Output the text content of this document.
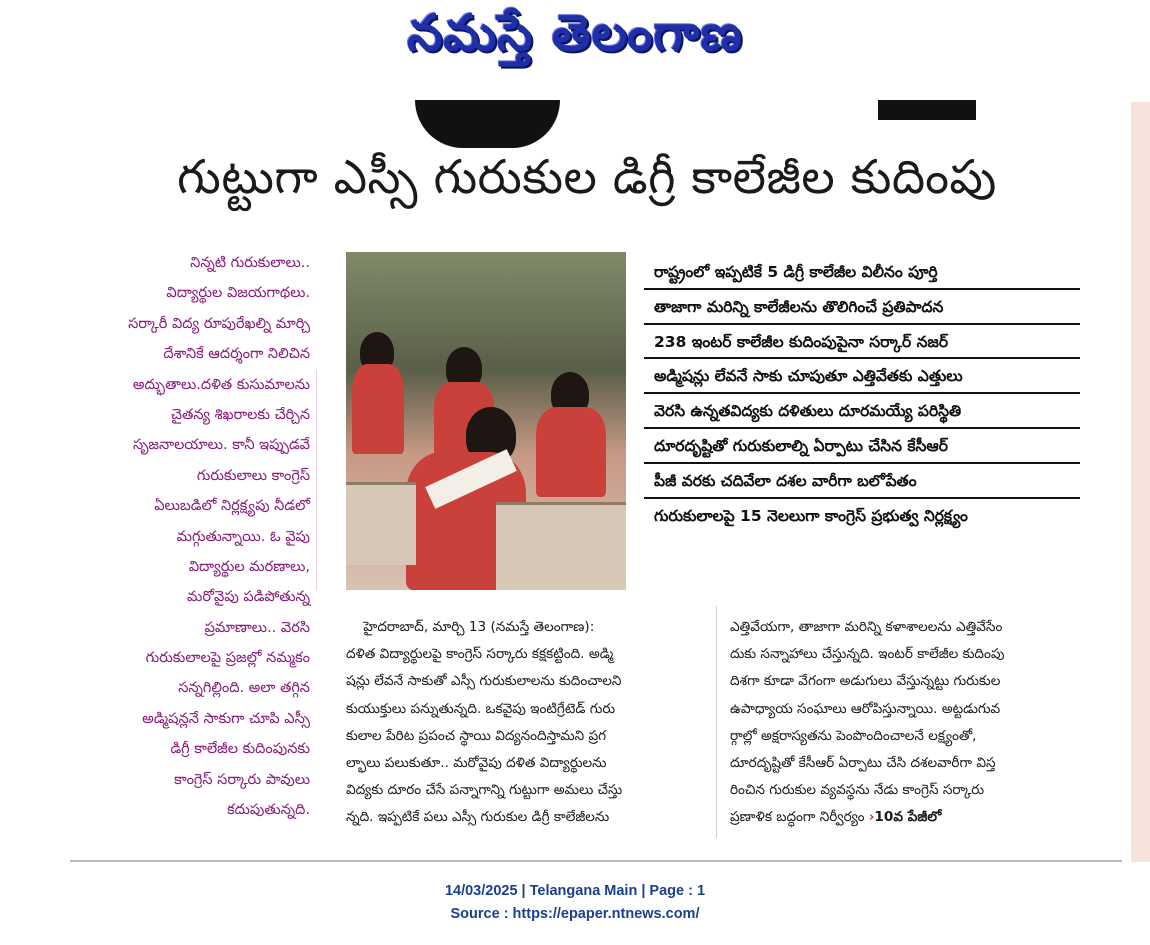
నమస్తే తెలంగాణ
గుట్టుగా ఎస్సీ గురుకుల డిగ్రీ కాలేజీల కుదింపు
నిన్నటి గురుకులాలు..
విద్యార్థుల విజయగాథలు.
సర్కారీ విద్య రూపురేఖల్ని మార్చి
దేశానికే ఆదర్శంగా నిలిచిన
అద్భుతాలు.దళిత కుసుమాలను
చైతన్య శిఖరాలకు చేర్చిన
సృజనాలయాలు. కానీ ఇప్పుడవే
గురుకులాలు కాంగ్రెస్
ఏలుబడిలో నిర్లక్ష్యపు నీడలో
మగ్గుతున్నాయి. ఓ వైపు
విద్యార్థుల మరణాలు,
మరోవైపు పడిపోతున్న
ప్రమాణాలు.. వెరసి
గురుకులాలపై ప్రజల్లో నమ్మకం
సన్నగిల్లింది. అలా తగ్గిన
అడ్మిషన్లనే సాకుగా చూపి ఎస్సీ
డిగ్రీ కాలేజీల కుదింపునకు
కాంగ్రెస్ సర్కారు పావులు
కదుపుతున్నది.
రాష్ట్రంలో ఇప్పటికే 5 డిగ్రీ కాలేజీల విలీనం పూర్తి
తాజాగా మరిన్ని కాలేజీలను తొలిగించే ప్రతిపాదన
238 ఇంటర్ కాలేజీల కుదింపుపైనా సర్కార్ నజర్
అడ్మిషన్లు లేవనే సాకు చూపుతూ ఎత్తివేతకు ఎత్తులు
వెరసి ఉన్నతవిద్యకు దళితులు దూరమయ్యే పరిస్థితి
దూరదృష్టితో గురుకులాల్ని ఏర్పాటు చేసిన కేసీఆర్
పీజీ వరకు చదివేలా దశల వారీగా బలోపేతం
గురుకులాలపై 15 నెలలుగా కాంగ్రెస్ ప్రభుత్వ నిర్లక్ష్యం
హైదరాబాద్, మార్చి 13 (నమస్తే తెలంగాణ):
దళిత విద్యార్థులపై కాంగ్రెస్ సర్కారు కక్షకట్టింది. అడ్మి
షన్లు లేవనే సాకుతో ఎస్సీ గురుకులాలను కుదించాలని
కుయుక్తులు పన్నుతున్నది. ఒకవైపు ఇంటిగ్రేటెడ్ గురు
కులాల పేరిట ప్రపంచ స్థాయి విద్యనందిస్తామని ప్రగ
ల్భాలు పలుకుతూ.. మరోవైపు దళిత విద్యార్థులను
విద్యకు దూరం చేసే పన్నాగాన్ని గుట్టుగా అమలు చేస్తు
న్నది. ఇప్పటికే పలు ఎస్సీ గురుకుల డిగ్రీ కాలేజీలను
ఎత్తివేయగా, తాజాగా మరిన్ని కళాశాలలను ఎత్తివేసేం
దుకు సన్నాహాలు చేస్తున్నది. ఇంటర్ కాలేజీల కుదింపు
దిశగా కూడా వేగంగా అడుగులు వేస్తున్నట్టు గురుకుల
ఉపాధ్యాయ సంఘాలు ఆరోపిస్తున్నాయి. అట్టడుగువ
ర్గాల్లో అక్షరాస్యతను పెంపొందించాలనే లక్ష్యంతో,
దూరదృష్టితో కేసీఆర్ ఏర్పాటు చేసి దశలవారీగా విస్త
రించిన గురుకుల వ్యవస్థను నేడు కాంగ్రెస్ సర్కారు
ప్రణాళిక బద్ధంగా నిర్వీర్యం ›10వ పేజీలో
14/03/2025 | Telangana Main | Page : 1
Source : https://epaper.ntnews.com/
